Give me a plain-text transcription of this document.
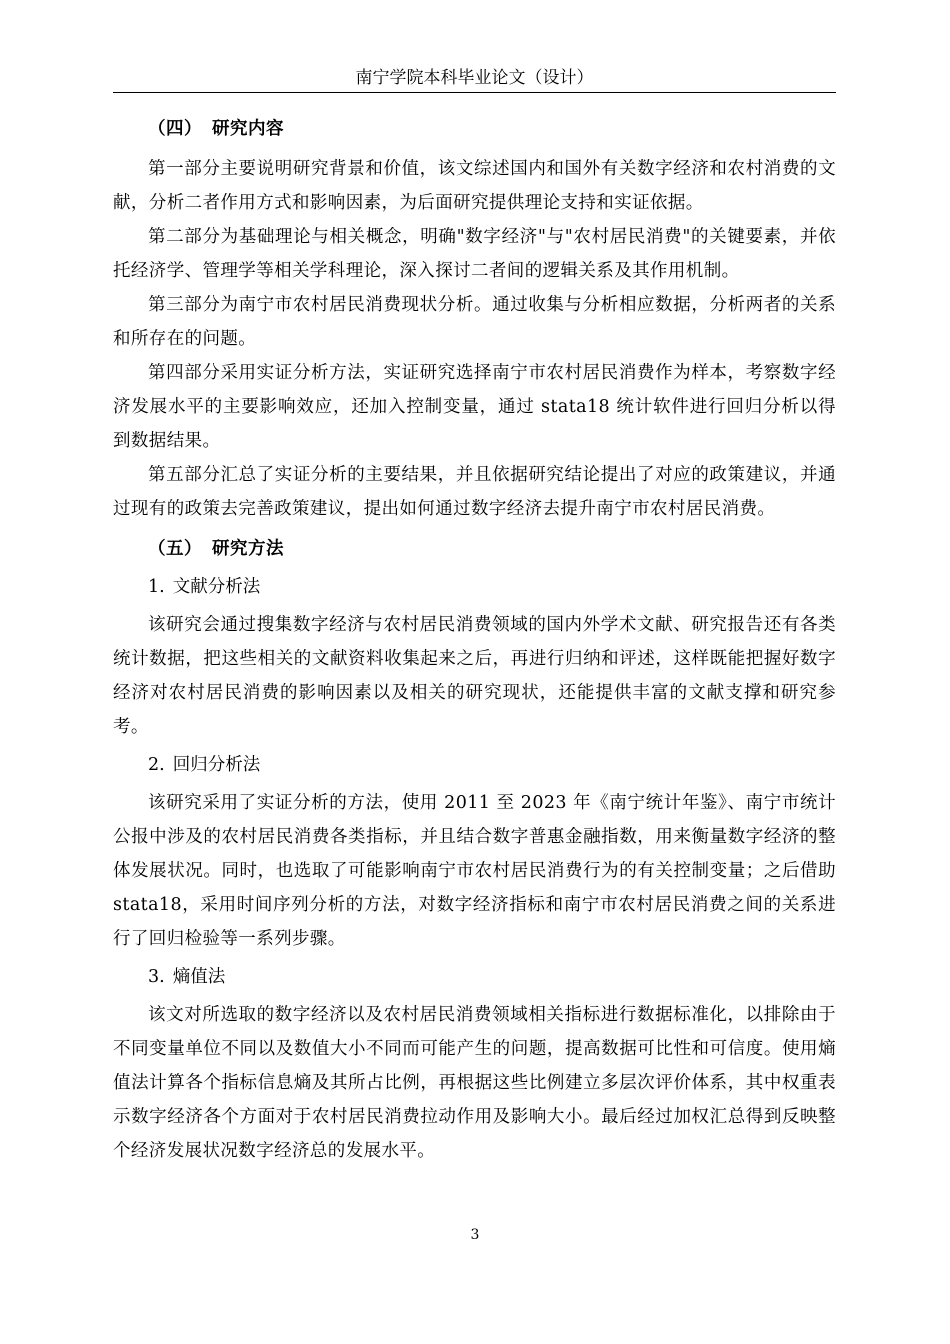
南宁学院本科毕业论文（设计）

（四） 研究内容

第一部分主要说明研究背景和价值，该文综述国内和国外有关数字经济和农村消费的文献，分析二者作用方式和影响因素，为后面研究提供理论支持和实证依据。

第二部分为基础理论与相关概念，明确"数字经济"与"农村居民消费"的关键要素，并依托经济学、管理学等相关学科理论，深入探讨二者间的逻辑关系及其作用机制。

第三部分为南宁市农村居民消费现状分析。通过收集与分析相应数据，分析两者的关系和所存在的问题。

第四部分采用实证分析方法，实证研究选择南宁市农村居民消费作为样本，考察数字经济发展水平的主要影响效应，还加入控制变量，通过 stata18 统计软件进行回归分析以得到数据结果。

第五部分汇总了实证分析的主要结果，并且依据研究结论提出了对应的政策建议，并通过现有的政策去完善政策建议，提出如何通过数字经济去提升南宁市农村居民消费。

（五） 研究方法

1. 文献分析法

该研究会通过搜集数字经济与农村居民消费领域的国内外学术文献、研究报告还有各类统计数据，把这些相关的文献资料收集起来之后，再进行归纳和评述，这样既能把握好数字经济对农村居民消费的影响因素以及相关的研究现状，还能提供丰富的文献支撑和研究参考。

2. 回归分析法

该研究采用了实证分析的方法，使用 2011 至 2023 年《南宁统计年鉴》、南宁市统计公报中涉及的农村居民消费各类指标，并且结合数字普惠金融指数，用来衡量数字经济的整体发展状况。同时，也选取了可能影响南宁市农村居民消费行为的有关控制变量；之后借助 stata18，采用时间序列分析的方法，对数字经济指标和南宁市农村居民消费之间的关系进行了回归检验等一系列步骤。

3. 熵值法

该文对所选取的数字经济以及农村居民消费领域相关指标进行数据标准化，以排除由于不同变量单位不同以及数值大小不同而可能产生的问题，提高数据可比性和可信度。使用熵值法计算各个指标信息熵及其所占比例，再根据这些比例建立多层次评价体系，其中权重表示数字经济各个方面对于农村居民消费拉动作用及影响大小。最后经过加权汇总得到反映整个经济发展状况数字经济总的发展水平。

3
